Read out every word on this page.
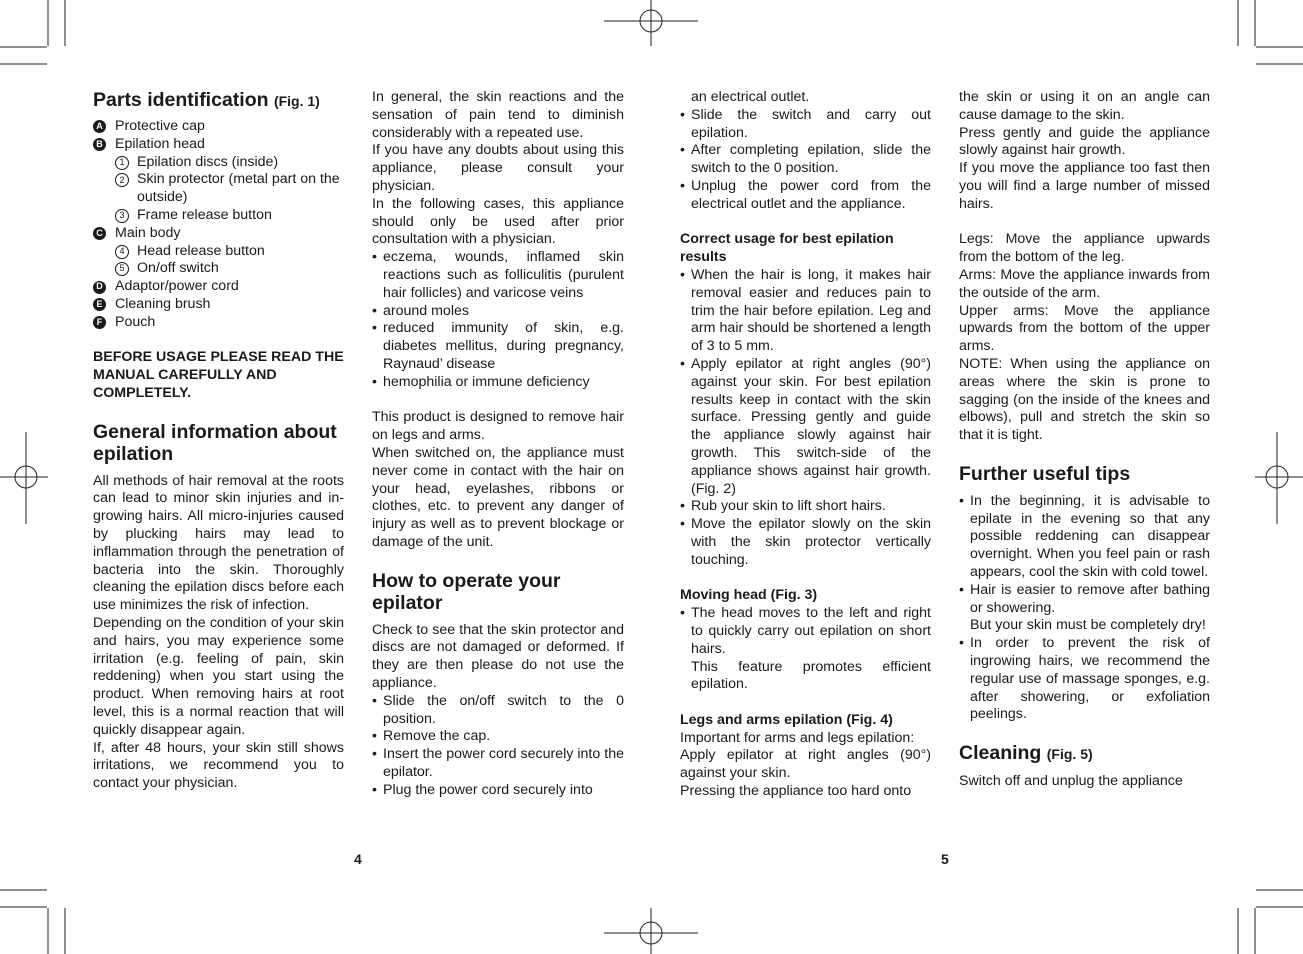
Parts identification (Fig. 1)
A Protective cap
B Epilation head
1 Epilation discs (inside)
2 Skin protector (metal part on the outside)
3 Frame release button
C Main body
4 Head release button
5 On/off switch
D Adaptor/power cord
E Cleaning brush
F Pouch
BEFORE USAGE PLEASE READ THE MANUAL CAREFULLY AND COMPLETELY.
General information about epilation

All methods of hair removal at the roots can lead to minor skin injuries and in-growing hairs. All micro-injuries caused by plucking hairs may lead to inflammation through the penetration of bacteria into the skin. Thoroughly cleaning the epilation discs before each use minimizes the risk of infection.

Depending on the condition of your skin and hairs, you may experience some irritation (e.g. feeling of pain, skin reddening) when you start using the product. When removing hairs at root level, this is a normal reaction that will quickly disappear again.

If, after 48 hours, your skin still shows irritations, we recommend you to contact your physician.

In general, the skin reactions and the sensation of pain tend to diminish considerably with a repeated use.

If you have any doubts about using this appliance, please consult your physician.

In the following cases, this appliance should only be used after prior consultation with a physician.

• eczema, wounds, inflamed skin reactions such as folliculitis (purulent hair follicles) and varicose veins
• around moles
• reduced immunity of skin, e.g. diabetes mellitus, during pregnancy, Raynaud’ disease
• hemophilia or immune deficiency

This product is designed to remove hair on legs and arms.

When switched on, the appliance must never come in contact with the hair on your head, eyelashes, ribbons or clothes, etc. to prevent any danger of injury as well as to prevent blockage or damage of the unit.

How to operate your epilator

Check to see that the skin protector and discs are not damaged or deformed. If they are then please do not use the appliance.

• Slide the on/off switch to the 0 position.
• Remove the cap.
• Insert the power cord securely into the epilator.
• Plug the power cord securely into

an electrical outlet.

• Slide the switch and carry out epilation.
• After completing epilation, slide the switch to the 0 position.
• Unplug the power cord from the electrical outlet and the appliance.
Correct usage for best epilation results
• When the hair is long, it makes hair removal easier and reduces pain to trim the hair before epilation. Leg and arm hair should be shortened a length of 3 to 5 mm.
• Apply epilator at right angles (90°) against your skin. For best epilation results keep in contact with the skin surface. Pressing gently and guide the appliance slowly against hair growth. This switch-side of the appliance shows against hair growth. (Fig. 2)
• Rub your skin to lift short hairs.
• Move the epilator slowly on the skin with the skin protector vertically touching.
Moving head (Fig. 3)
• The head moves to the left and right to quickly carry out epilation on short hairs.

This feature promotes efficient epilation.

Legs and arms epilation (Fig. 4)

Important for arms and legs epilation:

Apply epilator at right angles (90°) against your skin.

Pressing the appliance too hard onto

the skin or using it on an angle can cause damage to the skin.

Press gently and guide the appliance slowly against hair growth.

If you move the appliance too fast then you will find a large number of missed hairs.

Legs: Move the appliance upwards from the bottom of the leg.

Arms: Move the appliance inwards from the outside of the arm.

Upper arms: Move the appliance upwards from the bottom of the upper arms.

NOTE: When using the appliance on areas where the skin is prone to sagging (on the inside of the knees and elbows), pull and stretch the skin so that it is tight.

Further useful tips
• In the beginning, it is advisable to epilate in the evening so that any possible reddening can disappear overnight. When you feel pain or rash appears, cool the skin with cold towel.
• Hair is easier to remove after bathing or showering.

But your skin must be completely dry!

• In order to prevent the risk of ingrowing hairs, we recommend the regular use of massage sponges, e.g. after showering, or exfoliation peelings.
Cleaning (Fig. 5)

Switch off and unplug the appliance

4	5
